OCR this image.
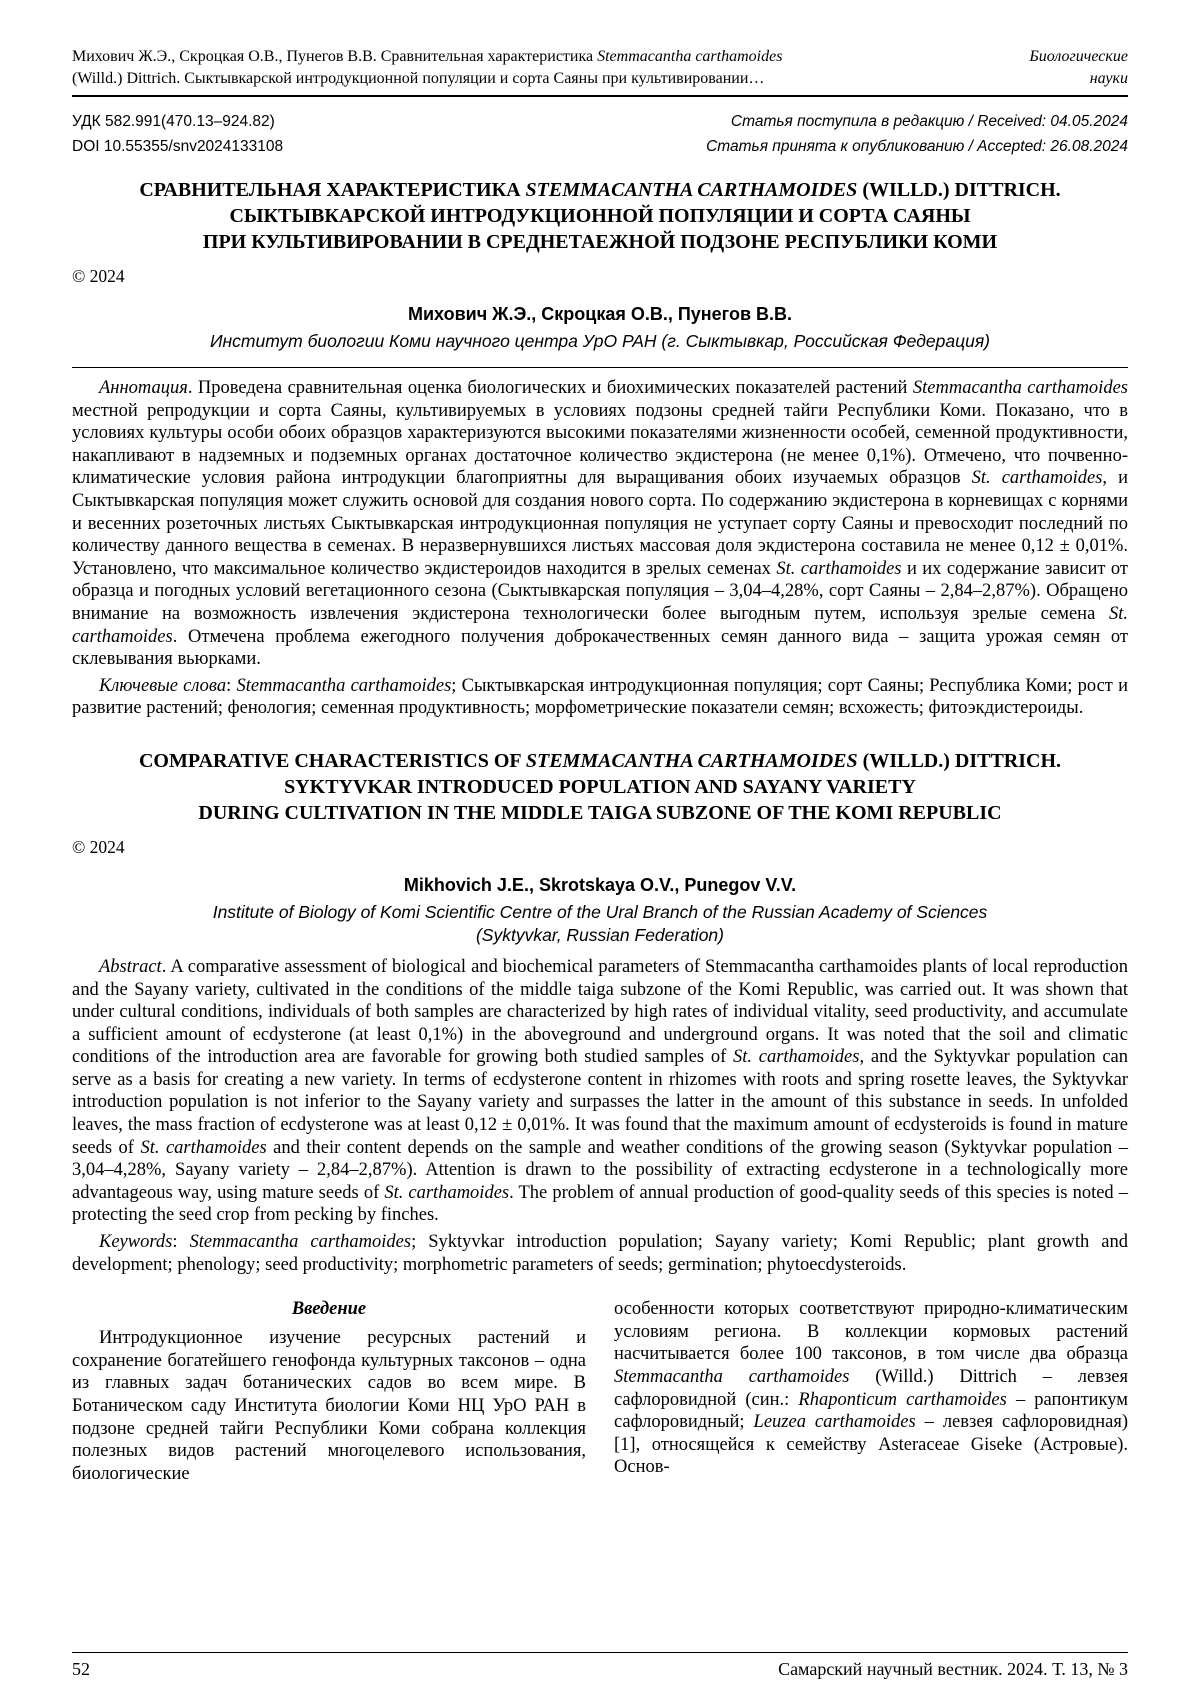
Михович Ж.Э., Скроцкая О.В., Пунегов В.В. Сравнительная характеристика Stemmacantha carthamoides	Биологические
(Willd.) Dittrich. Сыктывкарской интродукционной популяции и сорта Саяны при культивировании…	науки
УДК 582.991(470.13–924.82)
DOI 10.55355/snv2024133108
Статья поступила в редакцию / Received: 04.05.2024
Статья принята к опубликованию / Accepted: 26.08.2024
СРАВНИТЕЛЬНАЯ ХАРАКТЕРИСТИКА STEMMACANTHA CARTHAMOIDES (WILLD.) DITTRICH.
СЫКТЫВКАРСКОЙ ИНТРОДУКЦИОННОЙ ПОПУЛЯЦИИ И СОРТА САЯНЫ
ПРИ КУЛЬТИВИРОВАНИИ В СРЕДНЕТАЕЖНОЙ ПОДЗОНЕ РЕСПУБЛИКИ КОМИ
© 2024
Михович Ж.Э., Скроцкая О.В., Пунегов В.В.
Институт биологии Коми научного центра УрО РАН (г. Сыктывкар, Российская Федерация)

Аннотация. Проведена сравнительная оценка биологических и биохимических показателей растений Stemmacantha carthamoides местной репродукции и сорта Саяны, культивируемых в условиях подзоны средней тайги Республики Коми. Показано, что в условиях культуры особи обоих образцов характеризуются высокими показателями жизненности особей, семенной продуктивности, накапливают в надземных и подземных органах достаточное количество экдистерона (не менее 0,1%). Отмечено, что почвенно-климатические условия района интродукции благоприятны для выращивания обоих изучаемых образцов St. carthamoides, и Сыктывкарская популяция может служить основой для создания нового сорта. По содержанию экдистерона в корневищах с корнями и весенних розеточных листьях Сыктывкарская интродукционная популяция не уступает сорту Саяны и превосходит последний по количеству данного вещества в семенах. В неразвернувшихся листьях массовая доля экдистерона составила не менее 0,12 ± 0,01%. Установлено, что максимальное количество экдистероидов находится в зрелых семенах St. carthamoides и их содержание зависит от образца и погодных условий вегетационного сезона (Сыктывкарская популяция – 3,04–4,28%, сорт Саяны – 2,84–2,87%). Обращено внимание на возможность извлечения экдистерона технологически более выгодным путем, используя зрелые семена St. carthamoides. Отмечена проблема ежегодного получения доброкачественных семян данного вида – защита урожая семян от склевывания вьюрками.

Ключевые слова: Stemmacantha carthamoides; Сыктывкарская интродукционная популяция; сорт Саяны; Республика Коми; рост и развитие растений; фенология; семенная продуктивность; морфометрические показатели семян; всхожесть; фитоэкдистероиды.

COMPARATIVE CHARACTERISTICS OF STEMMACANTHA CARTHAMOIDES (WILLD.) DITTRICH.
SYKTYVKAR INTRODUCED POPULATION AND SAYANY VARIETY
DURING CULTIVATION IN THE MIDDLE TAIGA SUBZONE OF THE KOMI REPUBLIC
© 2024
Mikhovich J.E., Skrotskaya O.V., Punegov V.V.
Institute of Biology of Komi Scientific Centre of the Ural Branch of the Russian Academy of Sciences
(Syktyvkar, Russian Federation)

Abstract. A comparative assessment of biological and biochemical parameters of Stemmacantha carthamoides plants of local reproduction and the Sayany variety, cultivated in the conditions of the middle taiga subzone of the Komi Republic, was carried out. It was shown that under cultural conditions, individuals of both samples are characterized by high rates of individual vitality, seed productivity, and accumulate a sufficient amount of ecdysterone (at least 0,1%) in the aboveground and underground organs. It was noted that the soil and climatic conditions of the introduction area are favorable for growing both studied samples of St. carthamoides, and the Syktyvkar population can serve as a basis for creating a new variety. In terms of ecdysterone content in rhizomes with roots and spring rosette leaves, the Syktyvkar introduction population is not inferior to the Sayany variety and surpasses the latter in the amount of this substance in seeds. In unfolded leaves, the mass fraction of ecdysterone was at least 0,12 ± 0,01%. It was found that the maximum amount of ecdysteroids is found in mature seeds of St. carthamoides and their content depends on the sample and weather conditions of the growing season (Syktyvkar population – 3,04–4,28%, Sayany variety – 2,84–2,87%). Attention is drawn to the possibility of extracting ecdysterone in a technologically more advantageous way, using mature seeds of St. carthamoides. The problem of annual production of good-quality seeds of this species is noted – protecting the seed crop from pecking by finches.

Keywords: Stemmacantha carthamoides; Syktyvkar introduction population; Sayany variety; Komi Republic; plant growth and development; phenology; seed productivity; morphometric parameters of seeds; germination; phytoecdysteroids.

Введение

Интродукционное изучение ресурсных растений и сохранение богатейшего генофонда культурных таксонов – одна из главных задач ботанических садов во всем мире. В Ботаническом саду Института биологии Коми НЦ УрО РАН в подзоне средней тайги Республики Коми собрана коллекция полезных видов растений многоцелевого использования, биологические

особенности которых соответствуют природно-климатическим условиям региона. В коллекции кормовых растений насчитывается более 100 таксонов, в том числе два образца Stemmacantha carthamoides (Willd.) Dittrich – левзея сафлоровидной (син.: Rhaponticum carthamoides – рапонтикум сафлоровидный; Leuzea carthamoides – левзея сафлоровидная) [1], относящейся к семейству Asteraceae Giseke (Астровые). Основ-

52	Самарский научный вестник. 2024. Т. 13, № 3
